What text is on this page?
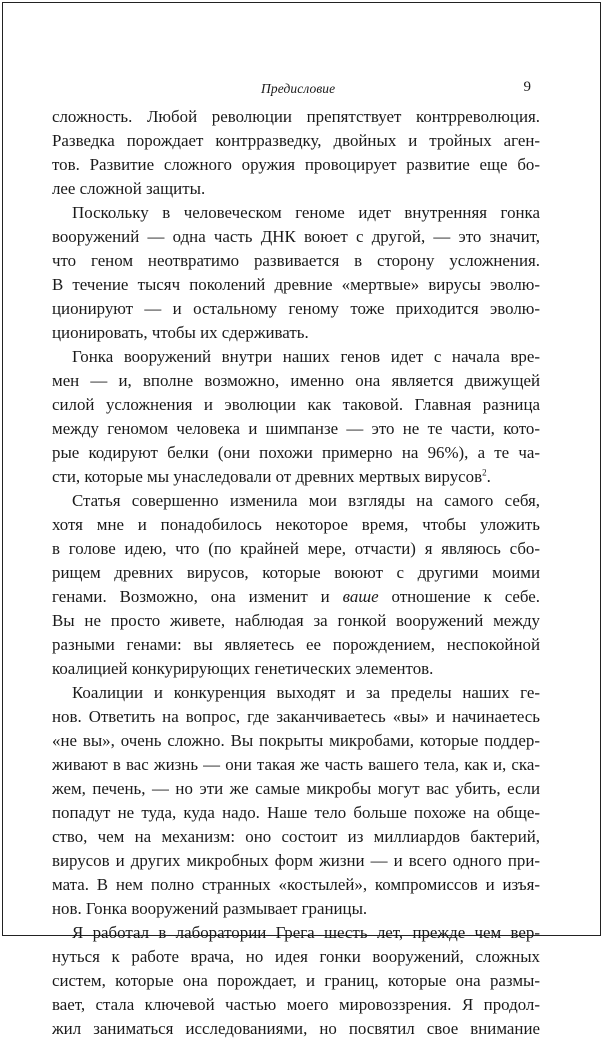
Предисловие	9
сложность. Любой революции препятствует контрреволюция.
Разведка порождает контрразведку, двойных и тройных аген-
тов. Развитие сложного оружия провоцирует развитие еще бо-
лее сложной защиты.
Поскольку в человеческом геноме идет внутренняя гонка
вооружений — одна часть ДНК воюет с другой, — это значит,
что геном неотвратимо развивается в сторону усложнения.
В течение тысяч поколений древние «мертвые» вирусы эволю-
ционируют — и остальному геному тоже приходится эволю-
ционировать, чтобы их сдерживать.
Гонка вооружений внутри наших генов идет с начала вре-
мен — и, вполне возможно, именно она является движущей
силой усложнения и эволюции как таковой. Главная разница
между геномом человека и шимпанзе — это не те части, кото-
рые кодируют белки (они похожи примерно на 96%), а те ча-
сти, которые мы унаследовали от древних мертвых вирусов$^2$.
Статья совершенно изменила мои взгляды на самого себя,
хотя мне и понадобилось некоторое время, чтобы уложить
в голове идею, что (по крайней мере, отчасти) я являюсь сбо-
рищем древних вирусов, которые воюют с другими моими
генами. Возможно, она изменит и ваше отношение к себе.
Вы не просто живете, наблюдая за гонкой вооружений между
разными генами: вы являетесь ее порождением, неспокойной
коалицией конкурирующих генетических элементов.
Коалиции и конкуренция выходят и за пределы наших ге-
нов. Ответить на вопрос, где заканчиваетесь «вы» и начинаетесь
«не вы», очень сложно. Вы покрыты микробами, которые поддер-
живают в вас жизнь — они такая же часть вашего тела, как и, ска-
жем, печень, — но эти же самые микробы могут вас убить, если
попадут не туда, куда надо. Наше тело больше похоже на обще-
ство, чем на механизм: оно состоит из миллиардов бактерий,
вирусов и других микробных форм жизни — и всего одного при-
мата. В нем полно странных «костылей», компромиссов и изъя-
нов. Гонка вооружений размывает границы.
Я работал в лаборатории Грега шесть лет, прежде чем вер-
нуться к работе врача, но идея гонки вооружений, сложных
систем, которые она порождает, и границ, которые она размы-
вает, стала ключевой частью моего мировоззрения. Я продол-
жил заниматься исследованиями, но посвятил свое внимание
